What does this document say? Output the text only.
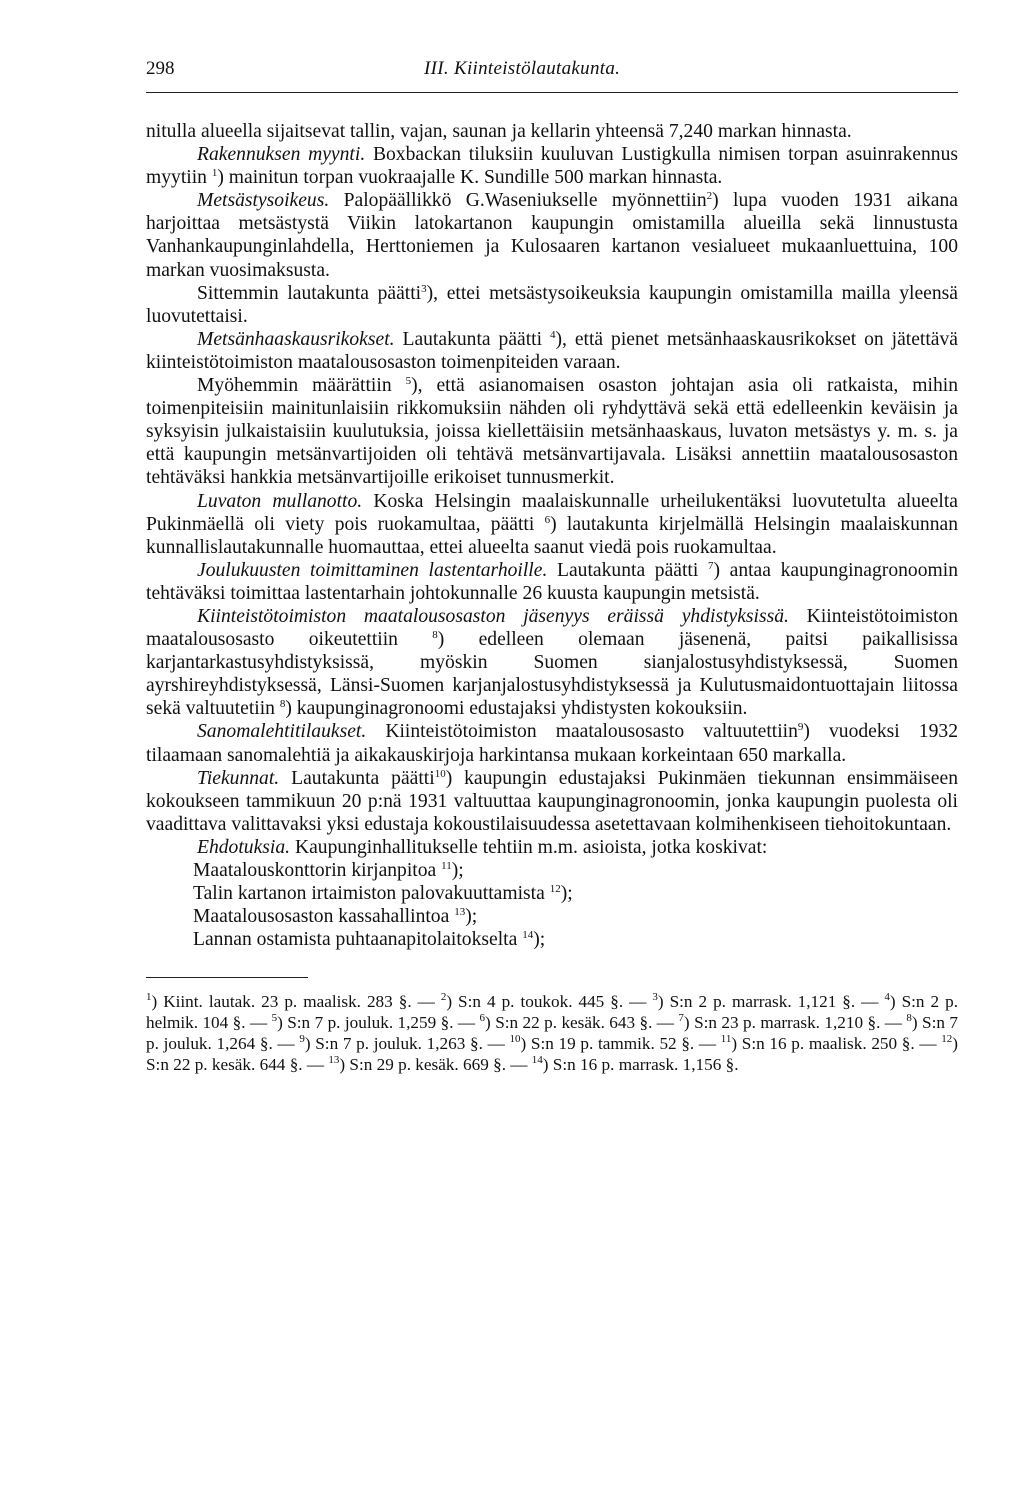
298	III. Kiinteistölautakunta.

nitulla alueella sijaitsevat tallin, vajan, saunan ja kellarin yhteensä 7,240 markan hinnasta.

Rakennuksen myynti. Boxbackan tiluksiin kuuluvan Lustigkulla nimisen torpan asuinrakennus myytiin $^1$) mainitun torpan vuokraajalle K. Sundille 500 markan hinnasta.

Metsästysoikeus. Palopäällikkö G.Waseniukselle myönnettiin$^2$) lupa vuoden 1931 aikana harjoittaa metsästystä Viikin latokartanon kaupungin omistamilla alueilla sekä linnustusta Vanhankaupunginlahdella, Herttoniemen ja Kulosaaren kartanon vesialueet mukaanluettuina, 100 markan vuosimaksusta.

Sittemmin lautakunta päätti$^3$), ettei metsästysoikeuksia kaupungin omistamilla mailla yleensä luovutettaisi.

Metsänhaaskausrikokset. Lautakunta päätti $^4$), että pienet metsänhaaskausrikokset on jätettävä kiinteistötoimiston maatalousosaston toimenpiteiden varaan.

Myöhemmin määrättiin $^5$), että asianomaisen osaston johtajan asia oli ratkaista, mihin toimenpiteisiin mainitunlaisiin rikkomuksiin nähden oli ryhdyttävä sekä että edelleenkin keväisin ja syksyisin julkaistaisiin kuulutuksia, joissa kiellettäisiin metsänhaaskaus, luvaton metsästys y. m. s. ja että kaupungin metsänvartijoiden oli tehtävä metsänvartijavala. Lisäksi annettiin maatalousosaston tehtäväksi hankkia metsänvartijoille erikoiset tunnusmerkit.

Luvaton mullanotto. Koska Helsingin maalaiskunnalle urheilukentäksi luovutetulta alueelta Pukinmäellä oli viety pois ruokamultaa, päätti $^6$) lautakunta kirjelmällä Helsingin maalaiskunnan kunnallislautakunnalle huomauttaa, ettei alueelta saanut viedä pois ruokamultaa.

Joulukuusten toimittaminen lastentarhoille. Lautakunta päätti $^7$) antaa kaupunginagronoomin tehtäväksi toimittaa lastentarhain johtokunnalle 26 kuusta kaupungin metsistä.

Kiinteistötoimiston maatalousosaston jäsenyys eräissä yhdistyksissä. Kiinteistötoimiston maatalousosasto oikeutettiin $^8$) edelleen olemaan jäsenenä, paitsi paikallisissa karjantarkastusyhdistyksissä, myöskin Suomen sianjalostusyhdistyksessä, Suomen ayrshireyhdistyksessä, Länsi-Suomen karjanjalostusyhdistyksessä ja Kulutusmaidontuottajain liitossa sekä valtuutetiin $^8$) kaupunginagronoomi edustajaksi yhdistysten kokouksiin.

Sanomalehtitilaukset. Kiinteistötoimiston maatalousosasto valtuutettiin$^9$) vuodeksi 1932 tilaamaan sanomalehtiä ja aikakauskirjoja harkintansa mukaan korkeintaan 650 markalla.

Tiekunnat. Lautakunta päätti$^{10}$) kaupungin edustajaksi Pukinmäen tiekunnan ensimmäiseen kokoukseen tammikuun 20 p:nä 1931 valtuuttaa kaupunginagronoomin, jonka kaupungin puolesta oli vaadittava valittavaksi yksi edustaja kokoustilaisuudessa asetettavaan kolmihenkiseen tiehoitokuntaan.

Ehdotuksia. Kaupunginhallitukselle tehtiin m.m. asioista, jotka koskivat:

Maatalouskonttorin kirjanpitoa $^{11}$);

Talin kartanon irtaimiston palovakuuttamista $^{12}$);

Maatalousosaston kassahallintoa $^{13}$);

Lannan ostamista puhtaanapitolaitokselta $^{14}$);

$^1$) Kiint. lautak. 23 p. maalisk. 283 §. — $^2$) S:n 4 p. toukok. 445 §. — $^3$) S:n 2 p. marrask. 1,121 §. — $^4$) S:n 2 p. helmik. 104 §. — $^5$) S:n 7 p. jouluk. 1,259 §. — $^6$) S:n 22 p. kesäk. 643 §. — $^7$) S:n 23 p. marrask. 1,210 §. — $^8$) S:n 7 p. jouluk. 1,264 §. — $^9$) S:n 7 p. jouluk. 1,263 §. — $^{10}$) S:n 19 p. tammik. 52 §. — $^{11}$) S:n 16 p. maalisk. 250 §. — $^{12}$) S:n 22 p. kesäk. 644 §. — $^{13}$) S:n 29 p. kesäk. 669 §. — $^{14}$) S:n 16 p. marrask. 1,156 §.
